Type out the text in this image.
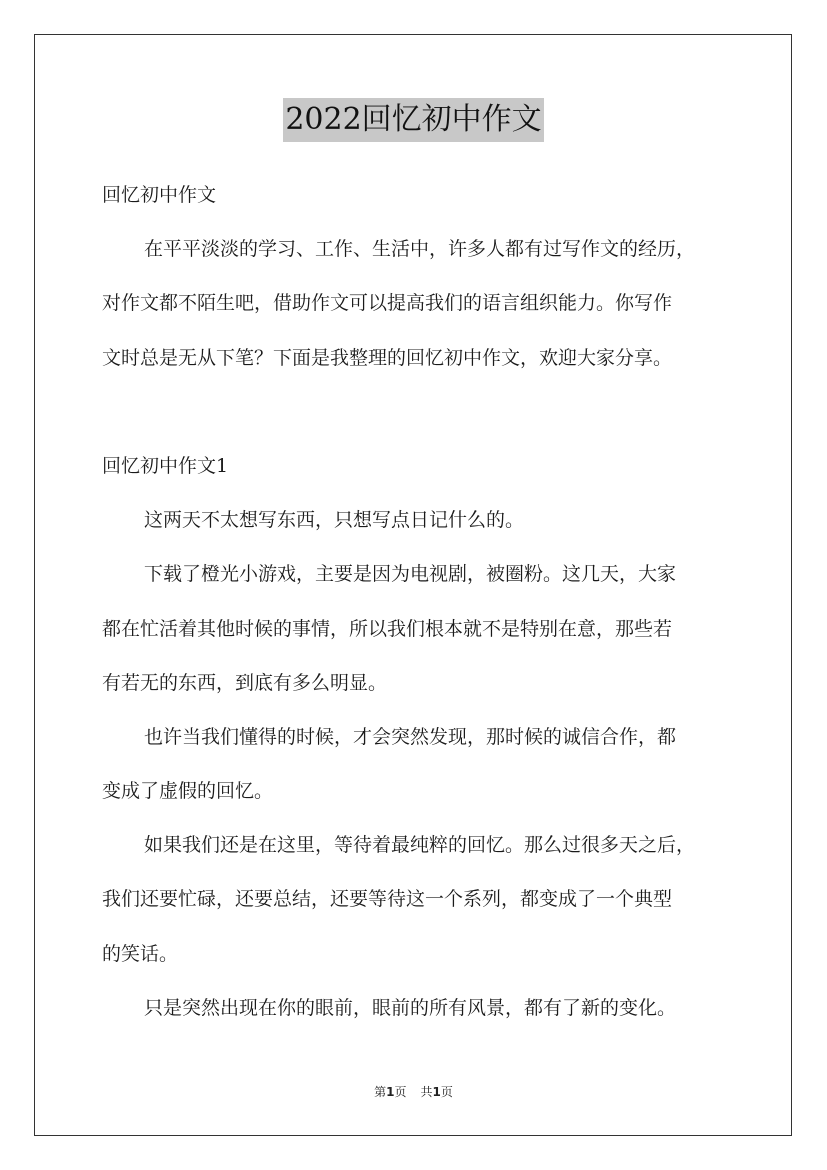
2022回忆初中作文
回忆初中作文
在平平淡淡的学习、工作、生活中，许多人都有过写作文的经历，
对作文都不陌生吧，借助作文可以提高我们的语言组织能力。你写作
文时总是无从下笔？下面是我整理的回忆初中作文，欢迎大家分享。
回忆初中作文1
这两天不太想写东西，只想写点日记什么的。
下载了橙光小游戏，主要是因为电视剧，被圈粉。这几天，大家
都在忙活着其他时候的事情，所以我们根本就不是特别在意，那些若
有若无的东西，到底有多么明显。
也许当我们懂得的时候，才会突然发现，那时候的诚信合作，都
变成了虚假的回忆。
如果我们还是在这里，等待着最纯粹的回忆。那么过很多天之后，
我们还要忙碌，还要总结，还要等待这一个系列，都变成了一个典型
的笑话。
只是突然出现在你的眼前，眼前的所有风景，都有了新的变化。
第1页 共1页
